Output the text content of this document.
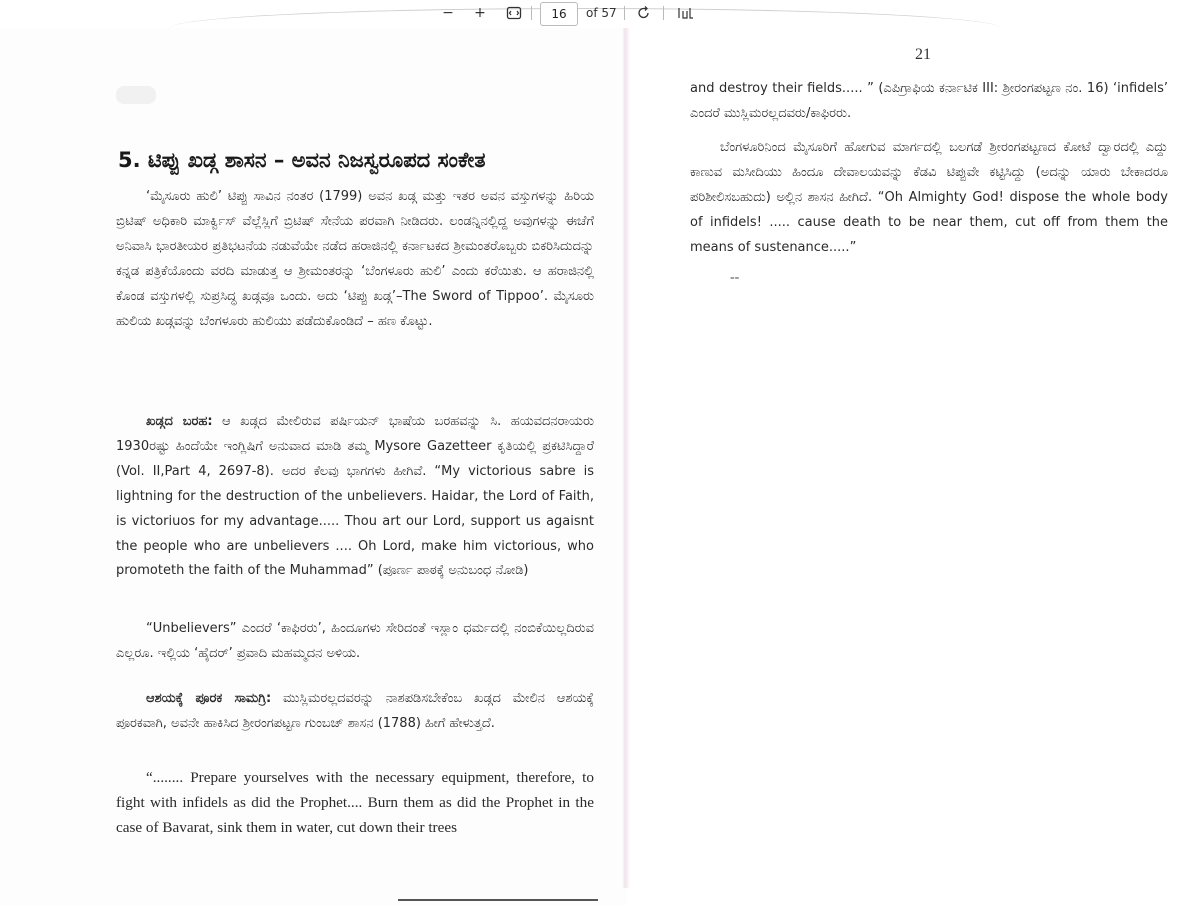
− +	16	of 57
5. ಟಿಪ್ಪು ಖಡ್ಗ ಶಾಸನ – ಅವನ ನಿಜಸ್ವರೂಪದ ಸಂಕೇತ

‘ಮೈಸೂರು ಹುಲಿ’ ಟಿಪ್ಪು ಸಾವಿನ ನಂತರ (1799) ಅವನ ಖಡ್ಗ ಮತ್ತು ಇತರ ಅವನ ವಸ್ತುಗಳನ್ನು ಹಿರಿಯ ಬ್ರಿಟಿಷ್ ಅಧಿಕಾರಿ ಮಾರ್ಕ್ವಿಸ್ ವೆಲ್ಲೆಸ್ಲಿಗೆ ಬ್ರಿಟಿಷ್ ಸೇನೆಯ ಪರವಾಗಿ ನೀಡಿದರು. ಲಂಡನ್ನಿನಲ್ಲಿದ್ದ ಅವುಗಳನ್ನು ಈಚೆಗೆ ಅನಿವಾಸಿ ಭಾರತೀಯರ ಪ್ರತಿಭಟನೆಯ ನಡುವೆಯೇ ನಡೆದ ಹರಾಜಿನಲ್ಲಿ ಕರ್ನಾಟಕದ ಶ್ರೀಮಂತರೊಬ್ಬರು ಬಿಕರಿಸಿದುದನ್ನು ಕನ್ನಡ ಪತ್ರಿಕೆಯೊಂದು ವರದಿ ಮಾಡುತ್ತ ಆ ಶ್ರೀಮಂತರನ್ನು ‘ಬೆಂಗಳೂರು ಹುಲಿ’ ಎಂದು ಕರೆಯಿತು. ಆ ಹರಾಜಿನಲ್ಲಿ ಕೊಂಡ ವಸ್ತುಗಳಲ್ಲಿ ಸುಪ್ರಸಿದ್ಧ ಖಡ್ಗವೂ ಒಂದು. ಅದು ‘ಟಿಪ್ಪು ಖಡ್ಗ’–The Sword of Tippoo’. ಮೈಸೂರು ಹುಲಿಯ ಖಡ್ಗವನ್ನು ಬೆಂಗಳೂರು ಹುಲಿಯು ಪಡೆದುಕೊಂಡಿದೆ – ಹಣ ಕೊಟ್ಟು.

ಖಡ್ಗದ ಬರಹ: ಆ ಖಡ್ಗದ ಮೇಲಿರುವ ಪರ್ಷಿಯನ್ ಭಾಷೆಯ ಬರಹವನ್ನು ಸಿ. ಹಯವದನರಾಯರು 1930ರಷ್ಟು ಹಿಂದೆಯೇ ಇಂಗ್ಲಿಷಿಗೆ ಅನುವಾದ ಮಾಡಿ ತಮ್ಮ Mysore Gazetteer ಕೃತಿಯಲ್ಲಿ ಪ್ರಕಟಿಸಿದ್ದಾರೆ (Vol. II,Part 4, 2697-8). ಅದರ ಕೆಲವು ಭಾಗಗಳು ಹೀಗಿವೆ. “My victorious sabre is lightning for the destruction of the unbelievers. Haidar, the Lord of Faith, is victoriuos for my advantage..... Thou art our Lord, support us agaisnt the people who are unbelievers .... Oh Lord, make him victorious, who promoteth the faith of the Muhammad” (ಪೂರ್ಣ ಪಾಠಕ್ಕೆ ಅನುಬಂಧ ನೋಡಿ)

“Unbelievers” ಎಂದರೆ ‘ಕಾಫಿರರು’, ಹಿಂದೂಗಳು ಸೇರಿದಂತೆ ಇಸ್ಲಾಂ ಧರ್ಮದಲ್ಲಿ ನಂಬಿಕೆಯಿಲ್ಲದಿರುವ ಎಲ್ಲರೂ. ಇಲ್ಲಿಯ ‘ಹೈದರ್’ ಪ್ರವಾದಿ ಮಹಮ್ಮದನ ಅಳಿಯ.

ಆಶಯಕ್ಕೆ ಪೂರಕ ಸಾಮಗ್ರಿ: ಮುಸ್ಲಿಮರಲ್ಲದವರನ್ನು ನಾಶಪಡಿಸಬೇಕೆಂಬ ಖಡ್ಗದ ಮೇಲಿನ ಆಶಯಕ್ಕೆ ಪೂರಕವಾಗಿ, ಅವನೇ ಹಾಕಿಸಿದ ಶ್ರೀರಂಗಪಟ್ಟಣ ಗುಂಬಜ್ ಶಾಸನ (1788) ಹೀಗೆ ಹೇಳುತ್ತದೆ.

“........ Prepare yourselves with the necessary equipment, therefore, to fight with infidels as did the Prophet.... Burn them as did the Prophet in the case of Bavarat, sink them in water, cut down their trees

21

and destroy their fields..... ” (ಎಪಿಗ್ರಾಫಿಯ ಕರ್ನಾಟಿಕ III: ಶ್ರೀರಂಗಪಟ್ಟಣ ನಂ. 16) ‘infidels’ ಎಂದರೆ ಮುಸ್ಲಿಮರಲ್ಲದವರು/ಕಾಫಿರರು.

ಬೆಂಗಳೂರಿನಿಂದ ಮೈಸೂರಿಗೆ ಹೋಗುವ ಮಾರ್ಗದಲ್ಲಿ ಬಲಗಡೆ ಶ್ರೀರಂಗಪಟ್ಟಣದ ಕೋಟೆ ದ್ವಾರದಲ್ಲಿ ಎದ್ದು ಕಾಣುವ ಮಸೀದಿಯು ಹಿಂದೂ ದೇವಾಲಯವನ್ನು ಕೆಡವಿ ಟಿಪ್ಪುವೇ ಕಟ್ಟಿಸಿದ್ದು (ಅದನ್ನು ಯಾರು ಬೇಕಾದರೂ ಪರಿಶೀಲಿಸಬಹುದು) ಅಲ್ಲಿನ ಶಾಸನ ಹೀಗಿದೆ. “Oh Almighty God! dispose the whole body of infidels! ..... cause death to be near them, cut off from them the means of sustenance.....”

--
